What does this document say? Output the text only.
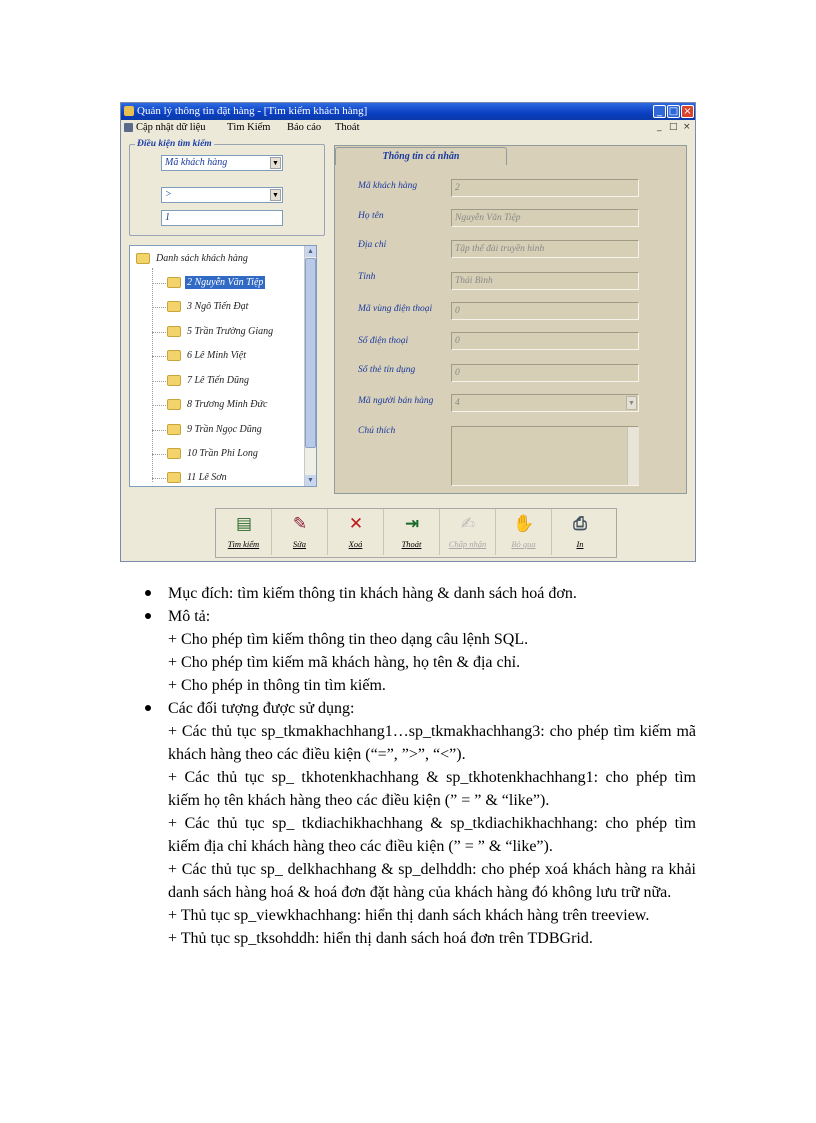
Quản lý thông tin đặt hàng - [Tìm kiếm khách hàng]	_ □ ×
Cập nhật dữ liệu Tìm Kiếm Báo cáo Thoát	_ □ ×
Điều kiện tìm kiếm
Mã khách hàng	▼
>	▼
1
Danh sách khách hàng
2 Nguyễn Văn Tiệp
3 Ngô Tiến Đạt
5 Trần Trường Giang
6 Lê Minh Việt
7 Lê Tiến Dũng
8 Trương Minh Đức
9 Trần Ngọc Dũng
10 Trần Phi Long
11 Lê Sơn
▲
▼
Thông tin cá nhân
Mã khách hàng	2
Họ tên	Nguyễn Văn Tiệp
Địa chỉ	Tập thể đài truyền hình
Tỉnh	Thái Bình
Mã vùng điện thoại	0
Số điện thoại	0
Số thẻ tín dụng	0
Mã người bán hàng	4	▼
Chú thích
▤
Tìm kiếm
✎
Sửa
✕
Xoá
⇥
Thoát
✍
Chấp nhận
✋
Bỏ qua
⎙
In
Mục đích: tìm kiếm thông tin khách hàng & danh sách hoá đơn.
Mô tả:
+ Cho phép tìm kiếm thông tin theo dạng câu lệnh SQL.
+ Cho phép tìm kiếm mã khách hàng, họ tên & địa chỉ.
+ Cho phép in thông tin tìm kiếm.
Các đối tượng được sử dụng:
+ Các thủ tục sp_tkmakhachhang1…sp_tkmakhachhang3: cho phép tìm kiếm mã khách hàng theo các điều kiện (“=”, ”>”, “<”).
+ Các thủ tục sp_ tkhotenkhachhang & sp_tkhotenkhachhang1: cho phép tìm kiếm họ tên khách hàng theo các điều kiện (” = ” & “like”).
+ Các thủ tục sp_ tkdiachikhachhang & sp_tkdiachikhachhang: cho phép tìm kiếm địa chỉ khách hàng theo các điều kiện (” = ” & “like”).
+ Các thủ tục sp_ delkhachhang & sp_delhddh: cho phép xoá khách hàng ra khải danh sách hàng hoá & hoá đơn đặt hàng của khách hàng đó không lưu trữ nữa.
+ Thủ tục sp_viewkhachhang: hiển thị danh sách khách hàng trên treeview.
+ Thủ tục sp_tksohddh: hiển thị danh sách hoá đơn trên TDBGrid.
